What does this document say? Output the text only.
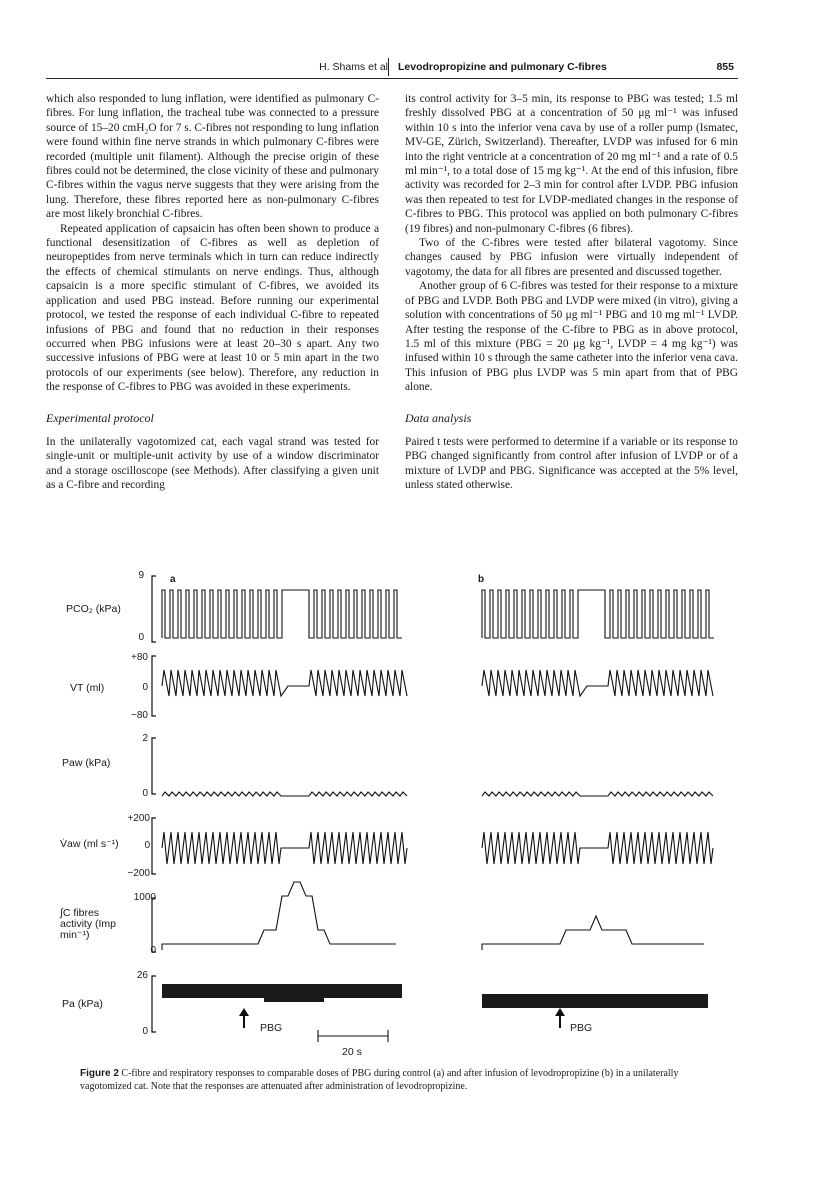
H. Shams et al Levodropropizine and pulmonary C-fibres	855

which also responded to lung inflation, were identified as pulmonary C-fibres. For lung inflation, the tracheal tube was connected to a pressure source of 15–20 cmH₂O for 7 s. C-fibres not responding to lung inflation were found within fine nerve strands in which pulmonary C-fibres were recorded (multiple unit filament). Although the precise origin of these fibres could not be determined, the close vicinity of these and pulmonary C-fibres within the vagus nerve suggests that they were arising from the lung. Therefore, these fibres reported here as non-pulmonary C-fibres are most likely bronchial C-fibres.

Repeated application of capsaicin has often been shown to produce a functional desensitization of C-fibres as well as depletion of neuropeptides from nerve terminals which in turn can reduce indirectly the effects of chemical stimulants on nerve endings. Thus, although capsaicin is a more specific stimulant of C-fibres, we avoided its application and used PBG instead. Before running our experimental protocol, we tested the response of each individual C-fibre to repeated infusions of PBG and found that no reduction in their responses occurred when PBG infusions were at least 20–30 s apart. Any two successive infusions of PBG were at least 10 or 5 min apart in the two protocols of our experiments (see below). Therefore, any reduction in the response of C-fibres to PBG was avoided in these experiments.

Experimental protocol

In the unilaterally vagotomized cat, each vagal strand was tested for single-unit or multiple-unit activity by use of a window discriminator and a storage oscilloscope (see Methods). After classifying a given unit as a C-fibre and recording

its control activity for 3–5 min, its response to PBG was tested; 1.5 ml freshly dissolved PBG at a concentration of 50 μg ml⁻¹ was infused within 10 s into the inferior vena cava by use of a roller pump (Ismatec, MV-GE, Zürich, Switzerland). Thereafter, LVDP was infused for 6 min into the right ventricle at a concentration of 20 mg ml⁻¹ and a rate of 0.5 ml min⁻¹, to a total dose of 15 mg kg⁻¹. At the end of this infusion, fibre activity was recorded for 2–3 min for control after LVDP. PBG infusion was then repeated to test for LVDP-mediated changes in the response of C-fibres to PBG. This protocol was applied on both pulmonary C-fibres (19 fibres) and non-pulmonary C-fibres (6 fibres).

Two of the C-fibres were tested after bilateral vagotomy. Since changes caused by PBG infusion were virtually independent of vagotomy, the data for all fibres are presented and discussed together.

Another group of 6 C-fibres was tested for their response to a mixture of PBG and LVDP. Both PBG and LVDP were mixed (in vitro), giving a solution with concentrations of 50 μg ml⁻¹ PBG and 10 mg ml⁻¹ LVDP. After testing the response of the C-fibre to PBG as in above protocol, 1.5 ml of this mixture (PBG = 20 μg kg⁻¹, LVDP = 4 mg kg⁻¹) was infused within 10 s through the same catheter into the inferior vena cava. This infusion of PBG plus LVDP was 5 min apart from that of PBG alone.

Data analysis

Paired t tests were performed to determine if a variable or its response to PBG changed significantly from control after infusion of LVDP or of a mixture of LVDP and PBG. Significance was accepted at the 5% level, unless stated otherwise.

a	b
PCO₂ (kPa)
9
0
VT (ml)
+80
0
−80
Paw (kPa)
2
0
V̇aw (ml s⁻¹)
+200
0
−200
∫C fibres activity (Imp min⁻¹)
1000
0
Pa (kPa)
26
0	PBG	PBG
20 s
Figure 2 C-fibre and respiratory responses to comparable doses of PBG during control (a) and after infusion of levodropropizine (b) in a unilaterally vagotomized cat. Note that the responses are attenuated after administration of levodropropizine.
